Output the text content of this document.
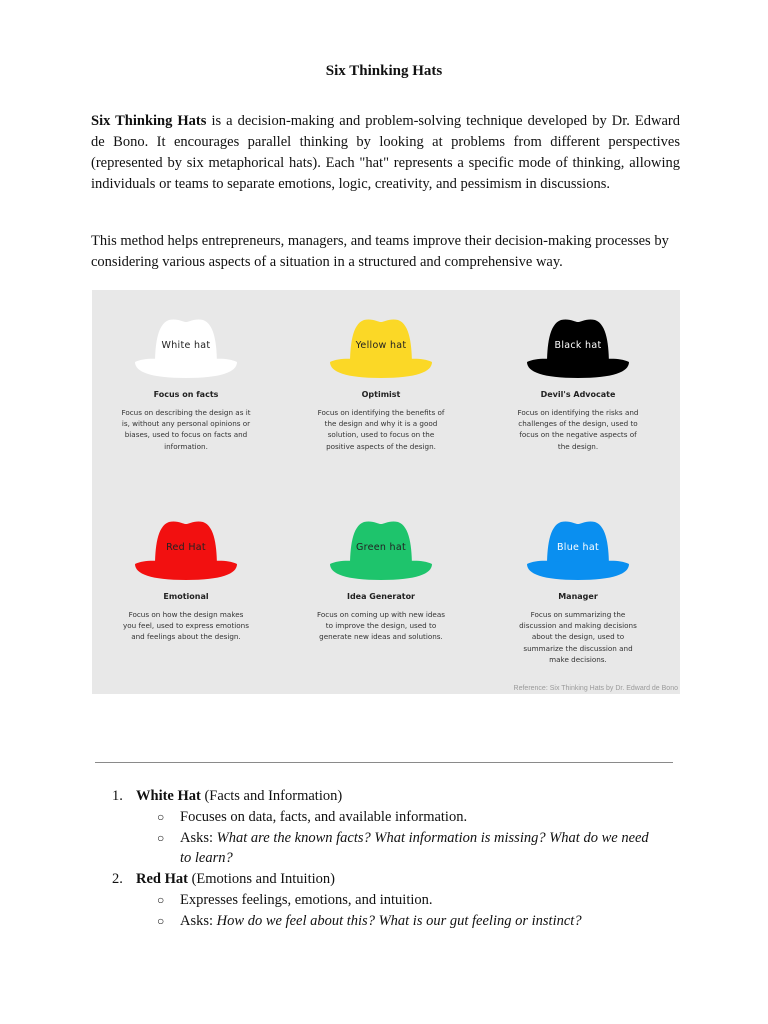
Six Thinking Hats
Six Thinking Hats is a decision-making and problem-solving technique developed by Dr. Edward de Bono. It encourages parallel thinking by looking at problems from different perspectives (represented by six metaphorical hats). Each "hat" represents a specific mode of thinking, allowing individuals or teams to separate emotions, logic, creativity, and pessimism in discussions.
This method helps entrepreneurs, managers, and teams improve their decision-making processes by considering various aspects of a situation in a structured and comprehensive way.
Reference: Six Thinking Hats by Dr. Edward de Bono
White hat
Focus on facts
Focus on describing the design as it is, without any personal opinions or biases, used to focus on facts and information.
Yellow hat
Optimist
Focus on identifying the benefits of the design and why it is a good solution, used to focus on the positive aspects of the design.
Black hat
Devil's Advocate
Focus on identifying the risks and challenges of the design, used to focus on the negative aspects of the design.
Red Hat
Emotional
Focus on how the design makes you feel, used to express emotions and feelings about the design.
Green hat
Idea Generator
Focus on coming up with new ideas to improve the design, used to generate new ideas and solutions.
Blue hat
Manager
Focus on summarizing the discussion and making decisions about the design, used to summarize the discussion and make decisions.
1. White Hat (Facts and Information)
○ Focuses on data, facts, and available information.
○ Asks: What are the known facts? What information is missing? What do we need
to learn?
2. Red Hat (Emotions and Intuition)
○ Expresses feelings, emotions, and intuition.
○ Asks: How do we feel about this? What is our gut feeling or instinct?
